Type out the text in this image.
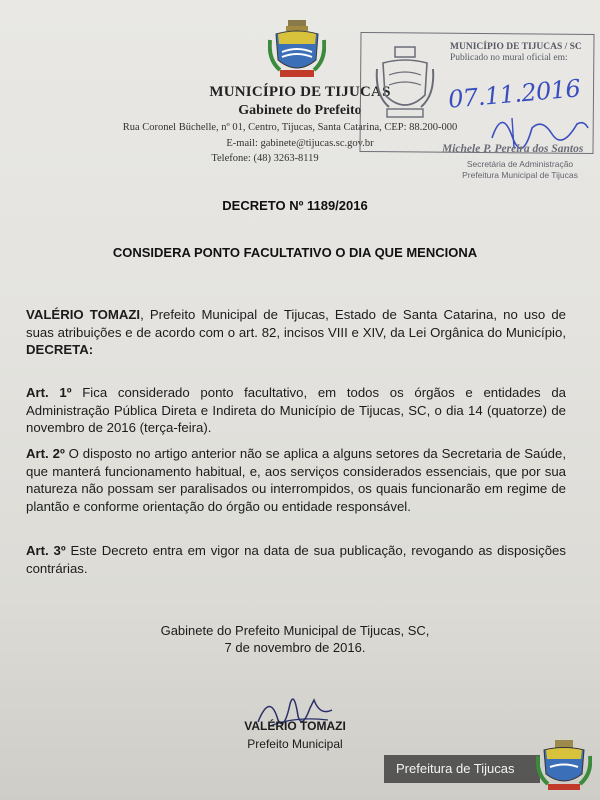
MUNICÍPIO DE TIJUCAS
Gabinete do Prefeito
Rua Coronel Büchelle, nº 01, Centro, Tijucas, Santa Catarina, CEP: 88.200-000
E-mail: gabinete@tijucas.sc.gov.br
Telefone: (48) 3263-8119
MUNICÍPIO DE TIJUCAS / SC
Publicado no mural oficial em:
07.11.2016
Michele P. Pereira dos Santos
Secretária de Administração
Prefeitura Municipal de Tijucas
DECRETO Nº 1189/2016
CONSIDERA PONTO FACULTATIVO O DIA QUE MENCIONA
VALÉRIO TOMAZI, Prefeito Municipal de Tijucas, Estado de Santa Catarina, no uso de suas atribuições e de acordo com o art. 82, incisos VIII e XIV, da Lei Orgânica do Município, DECRETA:
Art. 1º Fica considerado ponto facultativo, em todos os órgãos e entidades da Administração Pública Direta e Indireta do Município de Tijucas, SC, o dia 14 (quatorze) de novembro de 2016 (terça-feira).
Art. 2º O disposto no artigo anterior não se aplica a alguns setores da Secretaria de Saúde, que manterá funcionamento habitual, e, aos serviços considerados essenciais, que por sua natureza não possam ser paralisados ou interrompidos, os quais funcionarão em regime de plantão e conforme orientação do órgão ou entidade responsável.
Art. 3º Este Decreto entra em vigor na data de sua publicação, revogando as disposições contrárias.
Gabinete do Prefeito Municipal de Tijucas, SC,
7 de novembro de 2016.
VALÉRIO TOMAZI
Prefeito Municipal
Prefeitura de Tijucas
